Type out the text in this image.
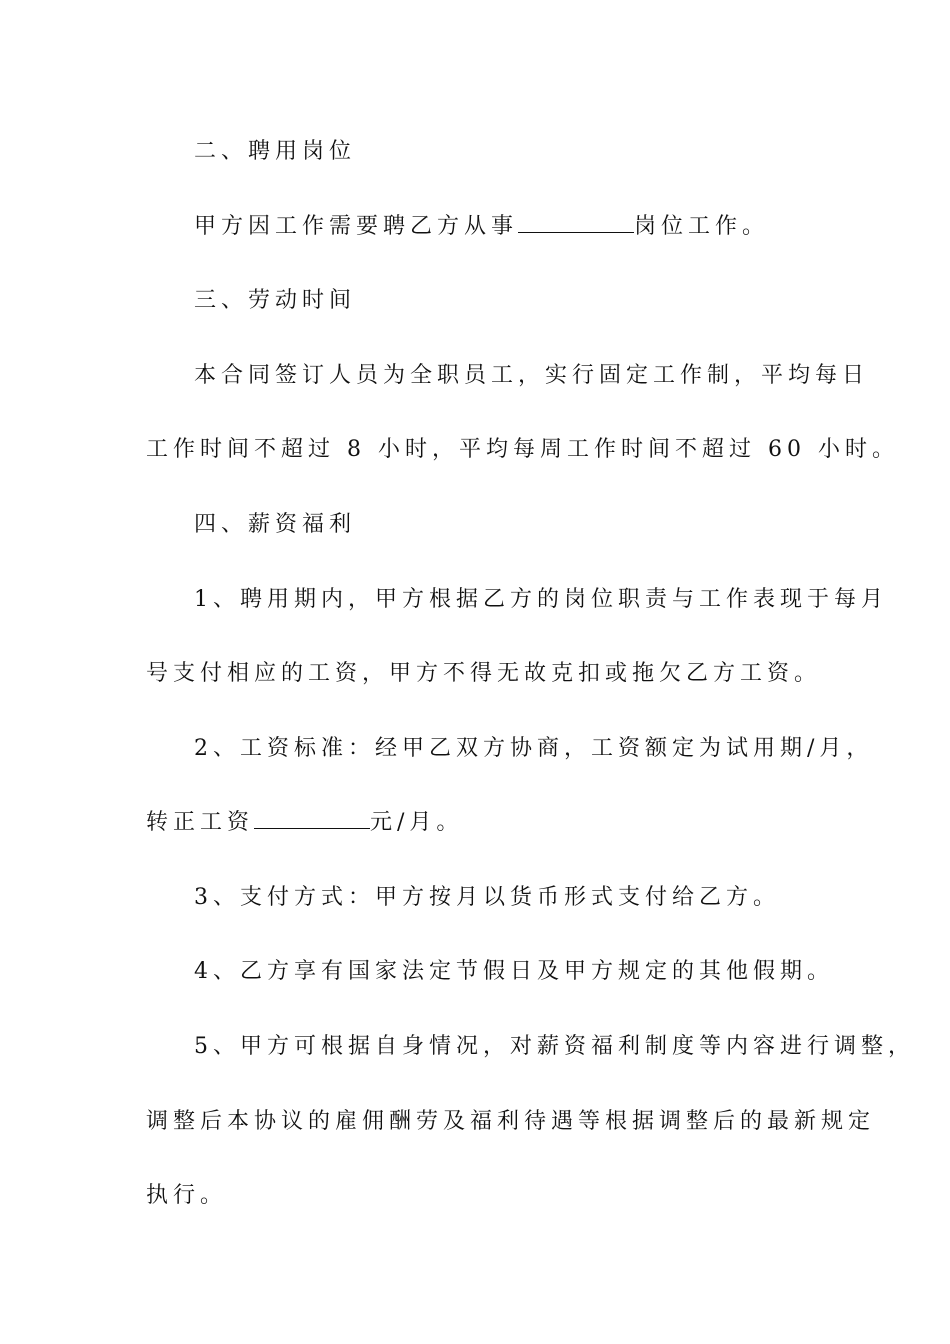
二、聘用岗位
甲方因工作需要聘乙方从事	岗位工作。
三、劳动时间
本合同签订人员为全职员工，实行固定工作制，平均每日
工作时间不超过 8 小时，平均每周工作时间不超过 60 小时。
四、薪资福利
1、聘用期内，甲方根据乙方的岗位职责与工作表现于每月
号支付相应的工资，甲方不得无故克扣或拖欠乙方工资。
2、工资标准：经甲乙双方协商，工资额定为试用期/月，
转正工资	元/月。
3、支付方式：甲方按月以货币形式支付给乙方。
4、乙方享有国家法定节假日及甲方规定的其他假期。
5、甲方可根据自身情况，对薪资福利制度等内容进行调整，
调整后本协议的雇佣酬劳及福利待遇等根据调整后的最新规定
执行。
